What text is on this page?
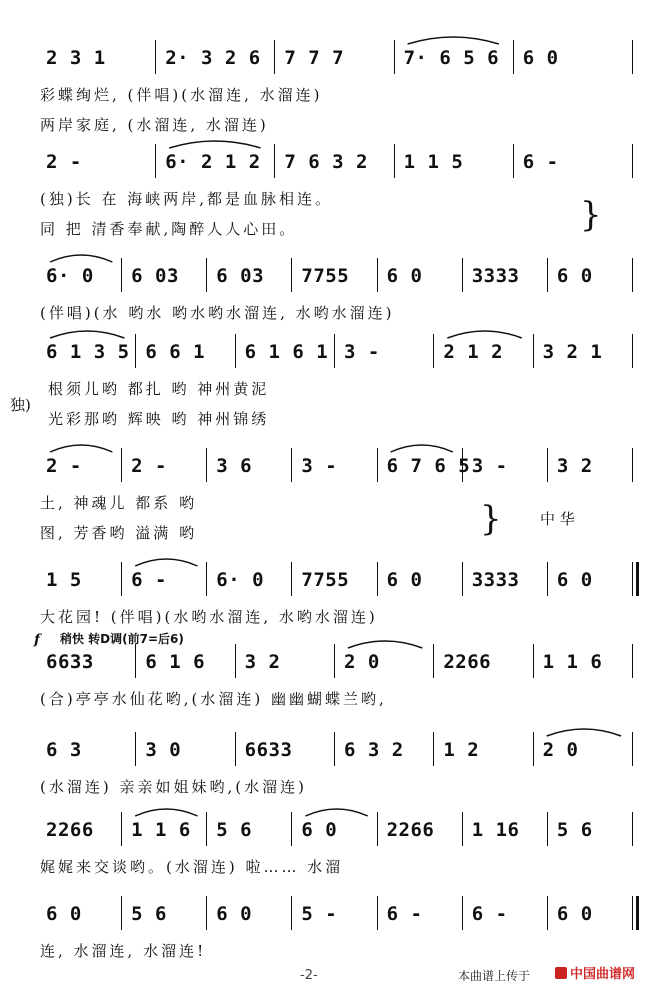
2 3 1	2· 3 2 6 7 7 7	7· 6 5 6 6 0
彩蝶绚烂, (伴唱)(水溜连, 水溜连)
两岸家庭, (水溜连, 水溜连)
2 -	6· 2 1 2 7 6 3 2 1 1 5	6 -
(独)长 在 海峡两岸,都是血脉相连。
同 把 清香奉献,陶醉人人心田。	}
6· 0 6 03 6 03 7755 6 0	3333 6 0
(伴唱)(水 哟水 哟水哟水溜连, 水哟水溜连)
6 1 3 5 6 6 1 6 1 6 1 3 -	2 1 2 3 2 1
根须儿哟 都扎 哟 神州黄泥
光彩那哟 辉映 哟 神州锦绣
独)
2 -	2 -	3 6	3 -	6 7 6 5 3 -	3 2
土, 神魂儿 都系 哟
图, 芳香哟 溢满 哟	}	中 华
1 5	6 -	6· 0 7755 6 0	3333 6 0
大花园! (伴唱)(水哟水溜连, 水哟水溜连)
稍快 转D调(前7=后6)
6633	6 1 6 3 2	2 0	2266	1 1 6
(合)亭亭水仙花哟,(水溜连) 幽幽蝴蝶兰哟,
f
6 3	3 0	6633	6 3 2 1 2	2 0
(水溜连) 亲亲如姐妹哟,(水溜连)
2266 1 1 6 5 6	6 0	2266 1 16 5 6
娓娓来交谈哟。(水溜连) 啦…… 水溜
6 0	5 6	6 0	5 -	6 -	6 -	6 0
连, 水溜连, 水溜连!
-2-	本曲谱上传于	中国曲谱网
